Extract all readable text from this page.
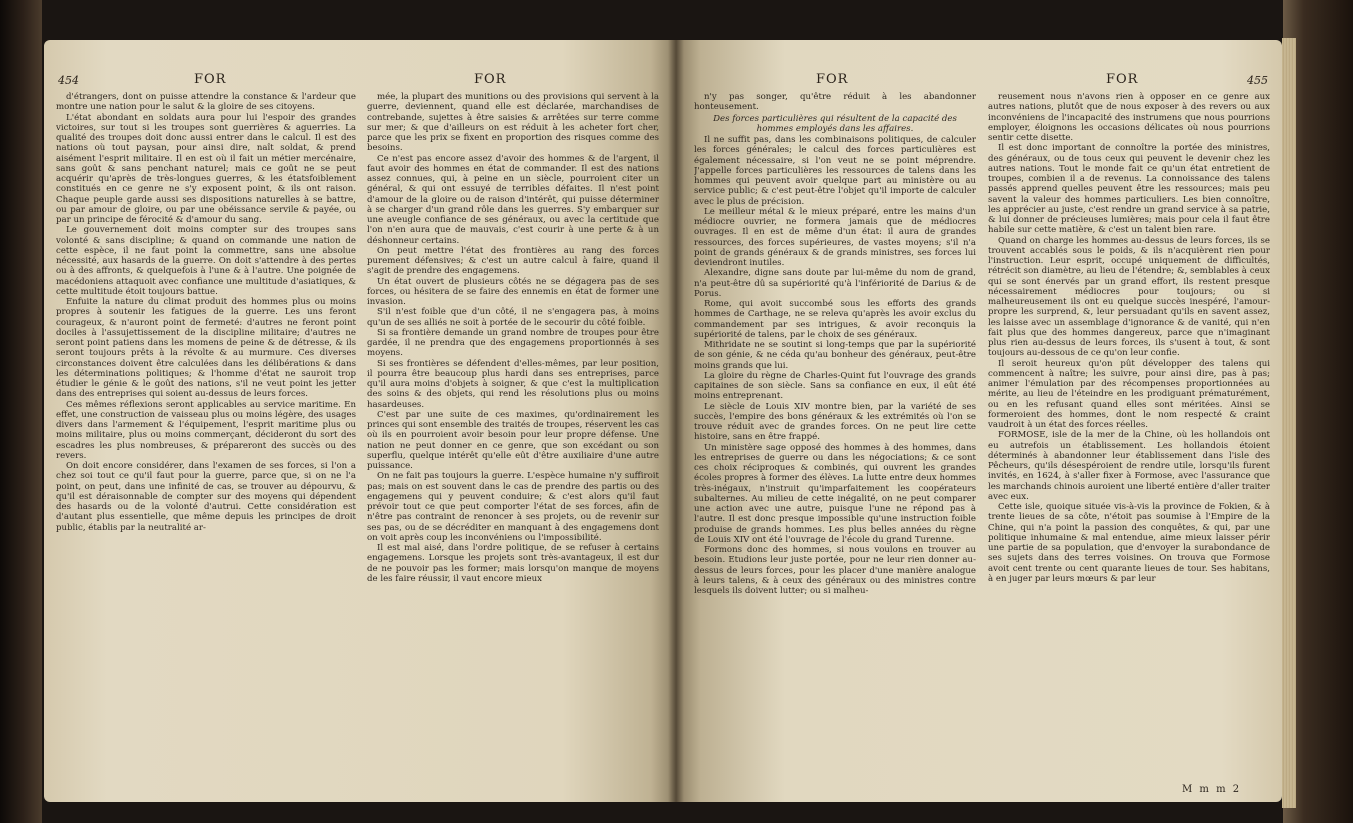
454	FOR	FOR

d'étrangers, dont on puisse attendre la constance & l'ardeur que montre une nation pour le salut & la gloire de ses citoyens.

L'état abondant en soldats aura pour lui l'espoir des grandes victoires, sur tout si les troupes sont guerrières & aguerries. La qualité des troupes doit donc aussi entrer dans le calcul. Il est des nations où tout paysan, pour ainsi dire, naît soldat, & prend aisément l'esprit militaire. Il en est où il fait un métier mercénaire, sans goût & sans penchant naturel; mais ce goût ne se peut acquérir qu'après de très-longues guerres, & les étatsfoiblement constitués en ce genre ne s'y exposent point, & ils ont raison. Chaque peuple garde aussi ses dispositions naturelles à se battre, ou par amour de gloire, ou par une obéissance servile & payée, ou par un principe de férocité & d'amour du sang.

Le gouvernement doit moins compter sur des troupes sans volonté & sans discipline; & quand on commande une nation de cette espèce, il ne faut point la commettre, sans une absolue nécessité, aux hasards de la guerre. On doit s'attendre à des pertes ou à des affronts, & quelquefois à l'une & à l'autre. Une poignée de macédoniens attaquoit avec confiance une multitude d'asiatiques, & cette multitude étoit toujours battue.

Enfuite la nature du climat produit des hommes plus ou moins propres à soutenir les fatigues de la guerre. Les uns feront courageux, & n'auront point de fermeté: d'autres ne feront point dociles à l'assujettissement de la discipline militaire; d'autres ne seront point patiens dans les momens de peine & de détresse, & ils seront toujours prêts à la révolte & au murmure. Ces diverses circonstances doivent être calculées dans les délibérations & dans les déterminations politiques; & l'homme d'état ne sauroit trop étudier le génie & le goût des nations, s'il ne veut point les jetter dans des entreprises qui soient au-dessus de leurs forces.

Ces mêmes réflexions seront applicables au service maritime. En effet, une construction de vaisseau plus ou moins légère, des usages divers dans l'armement & l'équipement, l'esprit maritime plus ou moins militaire, plus ou moins commerçant, décideront du sort des escadres les plus nombreuses, & prépareront des succès ou des revers.

On doit encore considérer, dans l'examen de ses forces, si l'on a chez soi tout ce qu'il faut pour la guerre, parce que, si on ne l'a point, on peut, dans une infinité de cas, se trouver au dépourvu, & qu'il est déraisonnable de compter sur des moyens qui dépendent des hasards ou de la volonté d'autrui. Cette considération est d'autant plus essentielle, que même depuis les principes de droit public, établis par la neutralité ar-

mée, la plupart des munitions ou des provisions qui servent à la guerre, deviennent, quand elle est déclarée, marchandises de contrebande, sujettes à être saisies & arrêtées sur terre comme sur mer; & que d'ailleurs on est réduit à les acheter fort cher, parce que les prix se fixent en proportion des risques comme des besoins.

Ce n'est pas encore assez d'avoir des hommes & de l'argent, il faut avoir des hommes en état de commander. Il est des nations assez connues, qui, à peine en un siècle, pourroient citer un général, & qui ont essuyé de terribles défaites. Il n'est point d'amour de la gloire ou de raison d'intérêt, qui puisse déterminer à se charger d'un grand rôle dans les guerres. S'y embarquer sur une aveugle confiance de ses généraux, ou avec la certitude que l'on n'en aura que de mauvais, c'est courir à une perte & à un déshonneur certains.

On peut mettre l'état des frontières au rang des forces purement défensives; & c'est un autre calcul à faire, quand il s'agit de prendre des engagemens.

Un état ouvert de plusieurs côtés ne se dégagera pas de ses forces, ou hésitera de se faire des ennemis en état de former une invasion.

S'il n'est foible que d'un côté, il ne s'engagera pas, à moins qu'un de ses alliés ne soit à portée de le secourir du côté foible.

Si sa frontière demande un grand nombre de troupes pour être gardée, il ne prendra que des engagemens proportionnés à ses moyens.

Si ses frontières se défendent d'elles-mêmes, par leur position, il pourra être beaucoup plus hardi dans ses entreprises, parce qu'il aura moins d'objets à soigner, & que c'est la multiplication des soins & des objets, qui rend les résolutions plus ou moins hasardeuses.

C'est par une suite de ces maximes, qu'ordinairement les princes qui sont ensemble des traités de troupes, réservent les cas où ils en pourroient avoir besoin pour leur propre défense. Une nation ne peut donner en ce genre, que son excédant ou son superflu, quelque intérêt qu'elle eût d'être auxiliaire d'une autre puissance.

On ne fait pas toujours la guerre. L'espèce humaine n'y suffiroit pas; mais on est souvent dans le cas de prendre des partis ou des engagemens qui y peuvent conduire; & c'est alors qu'il faut prévoir tout ce que peut comporter l'état de ses forces, afin de n'être pas contraint de renoncer à ses projets, ou de revenir sur ses pas, ou de se décréditer en manquant à des engagemens dont on voit après coup les inconvéniens ou l'impossibilité.

Il est mal aisé, dans l'ordre politique, de se refuser à certains engagemens. Lorsque les projets sont très-avantageux, il est dur de ne pouvoir pas les former; mais lorsqu'on manque de moyens de les faire réussir, il vaut encore mieux

FOR	FOR	455

n'y pas songer, qu'être réduit à les abandonner honteusement.

Des forces particulières qui résultent de la capacité des hommes employés dans les affaires.

Il ne suffit pas, dans les combinaisons politiques, de calculer les forces générales; le calcul des forces particulières est également nécessaire, si l'on veut ne se point méprendre. J'appelle forces particulières les ressources de talens dans les hommes qui peuvent avoir quelque part au ministère ou au service public; & c'est peut-être l'objet qu'il importe de calculer avec le plus de précision.

Le meilleur métal & le mieux préparé, entre les mains d'un médiocre ouvrier, ne formera jamais que de médiocres ouvrages. Il en est de même d'un état: il aura de grandes ressources, des forces supérieures, de vastes moyens; s'il n'a point de grands généraux & de grands ministres, ses forces lui deviendront inutiles.

Alexandre, digne sans doute par lui-même du nom de grand, n'a peut-être dû sa supériorité qu'à l'infériorité de Darius & de Porus.

Rome, qui avoit succombé sous les efforts des grands hommes de Carthage, ne se releva qu'après les avoir exclus du commandement par ses intrigues, & avoir reconquis la supériorité de talens, par le choix de ses généraux.

Mithridate ne se soutint si long-temps que par la supériorité de son génie, & ne céda qu'au bonheur des généraux, peut-être moins grands que lui.

La gloire du règne de Charles-Quint fut l'ouvrage des grands capitaines de son siècle. Sans sa confiance en eux, il eût été moins entreprenant.

Le siècle de Louis XIV montre bien, par la variété de ses succès, l'empire des bons généraux & les extrémités où l'on se trouve réduit avec de grandes forces. On ne peut lire cette histoire, sans en être frappé.

Un ministère sage opposé des hommes à des hommes, dans les entreprises de guerre ou dans les négociations; & ce sont ces choix réciproques & combinés, qui ouvrent les grandes écoles propres à former des élèves. La lutte entre deux hommes très-inégaux, n'instruit qu'imparfaitement les coopérateurs subalternes. Au milieu de cette inégalité, on ne peut comparer une action avec une autre, puisque l'une ne répond pas à l'autre. Il est donc presque impossible qu'une instruction foible produise de grands hommes. Les plus belles années du règne de Louis XIV ont été l'ouvrage de l'école du grand Turenne.

Formons donc des hommes, si nous voulons en trouver au besoin. Etudions leur juste portée, pour ne leur rien donner au-dessus de leurs forces, pour les placer d'une manière analogue à leurs talens, & à ceux des généraux ou des ministres contre lesquels ils doivent lutter; ou si malheu-

reusement nous n'avons rien à opposer en ce genre aux autres nations, plutôt que de nous exposer à des revers ou aux inconvéniens de l'incapacité des instrumens que nous pourrions employer, éloignons les occasions délicates où nous pourrions sentir cette disette.

Il est donc important de connoître la portée des ministres, des généraux, ou de tous ceux qui peuvent le devenir chez les autres nations. Tout le monde fait ce qu'un état entretient de troupes, combien il a de revenus. La connoissance des talens passés apprend quelles peuvent être les ressources; mais peu savent la valeur des hommes particuliers. Les bien connoître, les apprécier au juste, c'est rendre un grand service à sa patrie, & lui donner de précieuses lumières; mais pour cela il faut être habile sur cette matière, & c'est un talent bien rare.

Quand on charge les hommes au-dessus de leurs forces, ils se trouvent accablés sous le poids, & ils n'acquièrent rien pour l'instruction. Leur esprit, occupé uniquement de difficultés, rétrécit son diamètre, au lieu de l'étendre; &, semblables à ceux qui se sont énervés par un grand effort, ils restent presque nécessairement médiocres pour toujours; ou si malheureusement ils ont eu quelque succès inespéré, l'amour-propre les surprend, &, leur persuadant qu'ils en savent assez, les laisse avec un assemblage d'ignorance & de vanité, qui n'en fait plus que des hommes dangereux, parce que n'imaginant plus rien au-dessus de leurs forces, ils s'usent à tout, & sont toujours au-dessous de ce qu'on leur confie.

Il seroit heureux qu'on pût développer des talens qui commencent à naître; les suivre, pour ainsi dire, pas à pas; animer l'émulation par des récompenses proportionnées au mérite, au lieu de l'éteindre en les prodiguant prématurément, ou en les refusant quand elles sont méritées. Ainsi se formeroient des hommes, dont le nom respecté & craint vaudroit à un état des forces réelles.

FORMOSE, isle de la mer de la Chine, où les hollandois ont eu autrefois un établissement. Les hollandois étoient déterminés à abandonner leur établissement dans l'isle des Pêcheurs, qu'ils désespéroient de rendre utile, lorsqu'ils furent invités, en 1624, à s'aller fixer à Formose, avec l'assurance que les marchands chinois auroient une liberté entière d'aller traiter avec eux.

Cette isle, quoique située vis-à-vis la province de Fokien, & à trente lieues de sa côte, n'étoit pas soumise à l'Empire de la Chine, qui n'a point la passion des conquêtes, & qui, par une politique inhumaine & mal entendue, aime mieux laisser périr une partie de sa population, que d'envoyer la surabondance de ses sujets dans des terres voisines. On trouva que Formose avoit cent trente ou cent quarante lieues de tour. Ses habitans, à en juger par leurs mœurs & par leur

M m m 2
